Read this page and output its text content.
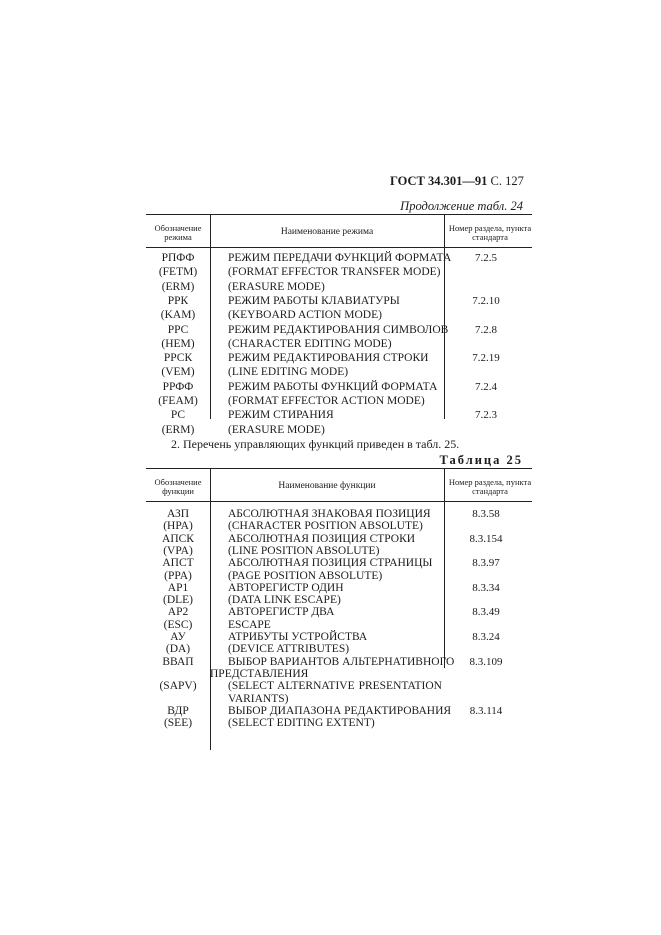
ГОСТ 34.301—91 С. 127
Продолжение табл. 24
Обозначение режима	Наименование режима	Номер раздела, пункта стандарта
РПФФ	РЕЖИМ ПЕРЕДАЧИ ФУНКЦИЙ ФОРМАТА	7.2.5
(FETM)	(FORMAT EFFECTOR TRANSFER MODE)
(ERM)	(ERASURE MODE)
РРК	РЕЖИМ РАБОТЫ КЛАВИАТУРЫ	7.2.10
(KAM)	(KEYBOARD ACTION MODE)
РРС	РЕЖИМ РЕДАКТИРОВАНИЯ СИМВОЛОВ	7.2.8
(HEM)	(CHARACTER EDITING MODE)
РРСК	РЕЖИМ РЕДАКТИРОВАНИЯ СТРОКИ	7.2.19
(VEM)	(LINE EDITING MODE)
РРФФ	РЕЖИМ РАБОТЫ ФУНКЦИЙ ФОРМАТА	7.2.4
(FEAM)	(FORMAT EFFECTOR ACTION MODE)
РС	РЕЖИМ СТИРАНИЯ	7.2.3
(ERM)	(ERASURE MODE)
2. Перечень управляющих функций приведен в табл. 25.
Таблица 25
Обозначение функции	Наименование функции	Номер раздела, пункта стандарта
АЗП	АБСОЛЮТНАЯ ЗНАКОВАЯ ПОЗИЦИЯ	8.3.58
(HPA)	(CHARACTER POSITION ABSOLUTE)
АПСК	АБСОЛЮТНАЯ ПОЗИЦИЯ СТРОКИ	8.3.154
(VPA)	(LINE POSITION ABSOLUTE)
АПСТ	АБСОЛЮТНАЯ ПОЗИЦИЯ СТРАНИЦЫ	8.3.97
(PPA)	(PAGE POSITION ABSOLUTE)
АР1	АВТОРЕГИСТР ОДИН	8.3.34
(DLE)	(DATA LINK ESCAPE)
АР2	АВТОРЕГИСТР ДВА	8.3.49
(ESC)	ESCAPE
АУ	АТРИБУТЫ УСТРОЙСТВА	8.3.24
(DA)	(DEVICE ATTRIBUTES)
ВВАП	ВЫБОР ВАРИАНТОВ АЛЬТЕРНАТИВНОГО	8.3.109
ПРЕДСТАВЛЕНИЯ
(SAPV)	(SELECT ALTERNATIVE PRESENTATION
VARIANTS)
ВДР	ВЫБОР ДИАПАЗОНА РЕДАКТИРОВАНИЯ	8.3.114
(SEE)	(SELECT EDITING EXTENT)
